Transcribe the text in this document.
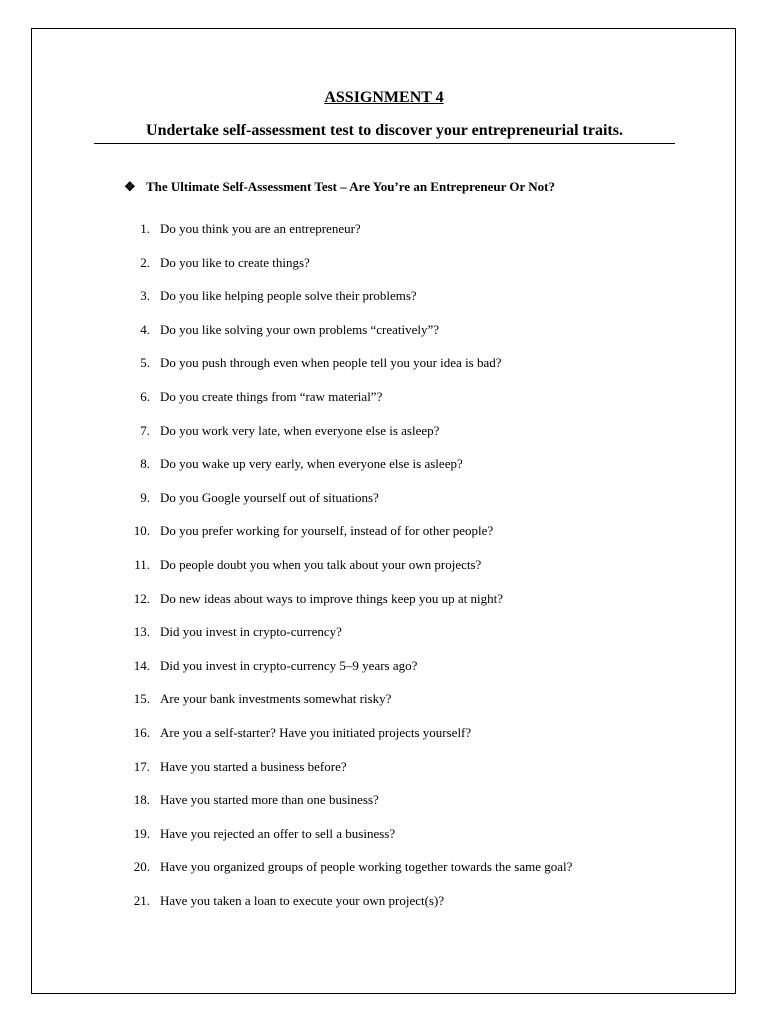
ASSIGNMENT 4
Undertake self-assessment test to discover your entrepreneurial traits.
❖ The Ultimate Self-Assessment Test – Are You’re an Entrepreneur Or Not?
1. Do you think you are an entrepreneur?
2. Do you like to create things?
3. Do you like helping people solve their problems?
4. Do you like solving your own problems “creatively”?
5. Do you push through even when people tell you your idea is bad?
6. Do you create things from “raw material”?
7. Do you work very late, when everyone else is asleep?
8. Do you wake up very early, when everyone else is asleep?
9. Do you Google yourself out of situations?
10. Do you prefer working for yourself, instead of for other people?
11. Do people doubt you when you talk about your own projects?
12. Do new ideas about ways to improve things keep you up at night?
13. Did you invest in crypto-currency?
14. Did you invest in crypto-currency 5–9 years ago?
15. Are your bank investments somewhat risky?
16. Are you a self-starter? Have you initiated projects yourself?
17. Have you started a business before?
18. Have you started more than one business?
19. Have you rejected an offer to sell a business?
20. Have you organized groups of people working together towards the same goal?
21. Have you taken a loan to execute your own project(s)?
